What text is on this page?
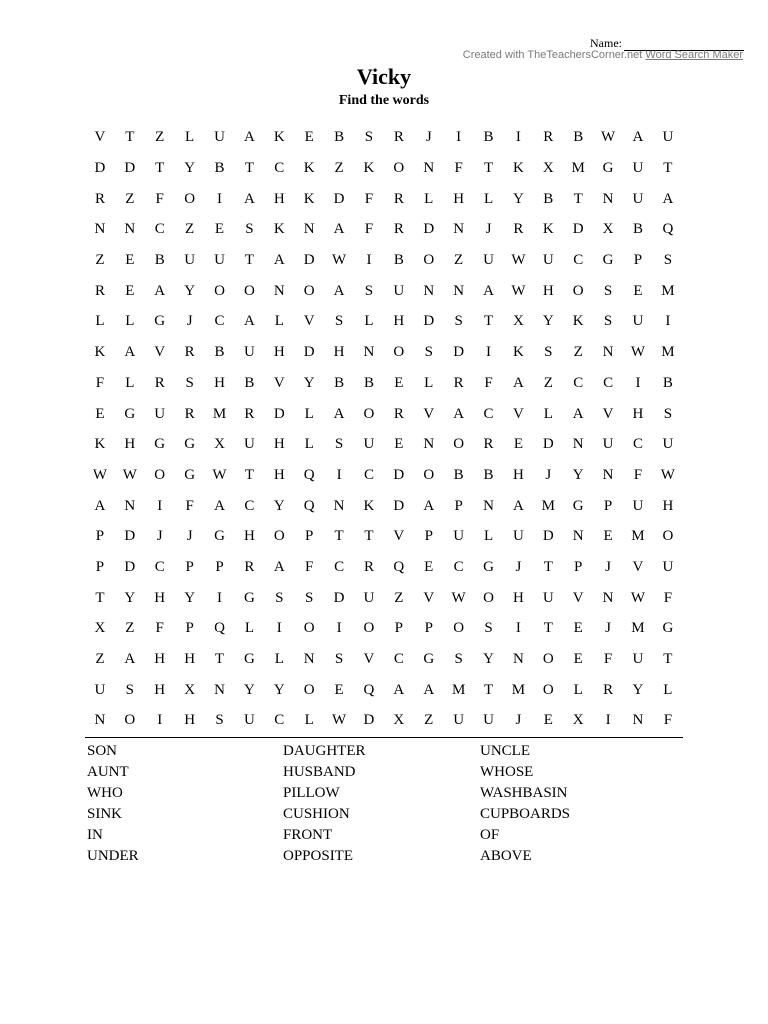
Name:
Created with TheTeachersCorner.net Word Search Maker
Vicky
Find the words
V	T	Z	L	U	A	K	E	B	S	R	J	I	B	I	R	B	W	A	U
D	D	T	Y	B	T	C	K	Z	K	O	N	F	T	K	X	M	G	U	T
R	Z	F	O	I	A	H	K	D	F	R	L	H	L	Y	B	T	N	U	A
N	N	C	Z	E	S	K	N	A	F	R	D	N	J	R	K	D	X	B	Q
Z	E	B	U	U	T	A	D	W	I	B	O	Z	U	W	U	C	G	P	S
R	E	A	Y	O	O	N	O	A	S	U	N	N	A	W	H	O	S	E	M
L	L	G	J	C	A	L	V	S	L	H	D	S	T	X	Y	K	S	U	I
K	A	V	R	B	U	H	D	H	N	O	S	D	I	K	S	Z	N	W	M
F	L	R	S	H	B	V	Y	B	B	E	L	R	F	A	Z	C	C	I	B
E	G	U	R	M	R	D	L	A	O	R	V	A	C	V	L	A	V	H	S
K	H	G	G	X	U	H	L	S	U	E	N	O	R	E	D	N	U	C	U
W	W	O	G	W	T	H	Q	I	C	D	O	B	B	H	J	Y	N	F	W
A	N	I	F	A	C	Y	Q	N	K	D	A	P	N	A	M	G	P	U	H
P	D	J	J	G	H	O	P	T	T	V	P	U	L	U	D	N	E	M	O
P	D	C	P	P	R	A	F	C	R	Q	E	C	G	J	T	P	J	V	U
T	Y	H	Y	I	G	S	S	D	U	Z	V	W	O	H	U	V	N	W	F
X	Z	F	P	Q	L	I	O	I	O	P	P	O	S	I	T	E	J	M	G
Z	A	H	H	T	G	L	N	S	V	C	G	S	Y	N	O	E	F	U	T
U	S	H	X	N	Y	Y	O	E	Q	A	A	M	T	M	O	L	R	Y	L
N	O	I	H	S	U	C	L	W	D	X	Z	U	U	J	E	X	I	N	F
SON	DAUGHTER	UNCLE
AUNT	HUSBAND	WHOSE
WHO	PILLOW	WASHBASIN
SINK	CUSHION	CUPBOARDS
IN	FRONT	OF
UNDER	OPPOSITE	ABOVE
